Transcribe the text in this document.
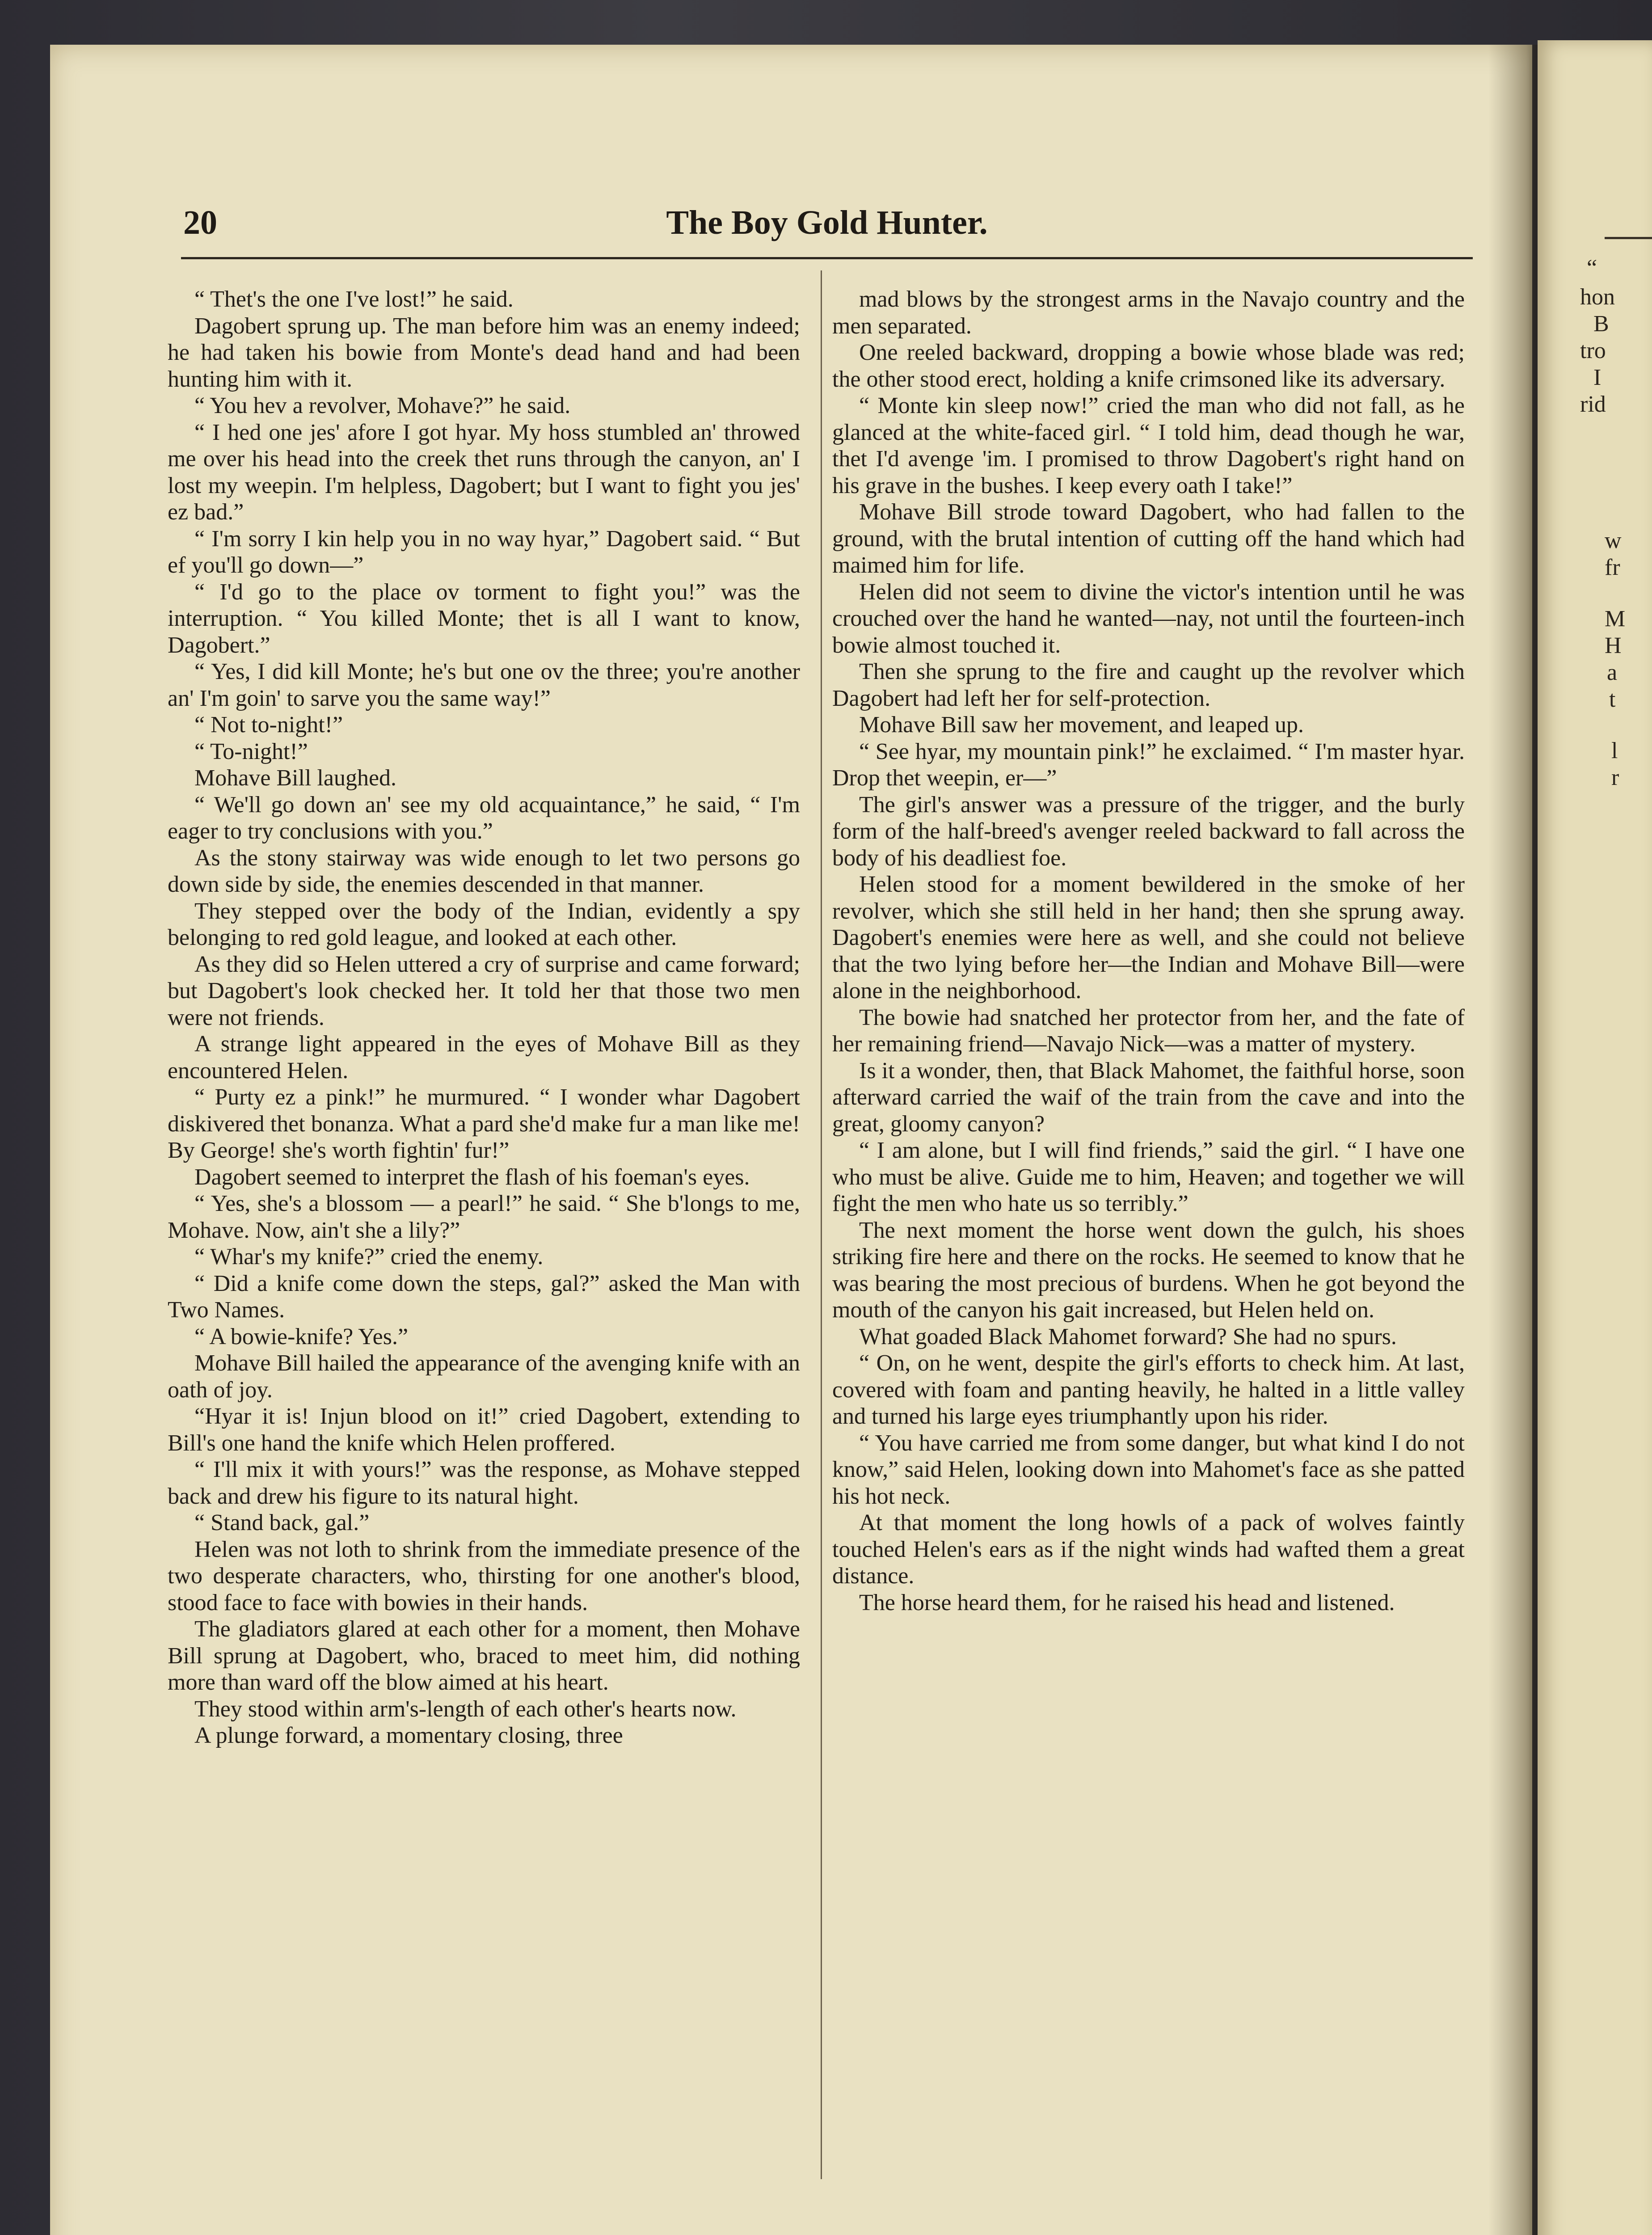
“
hon
B
tro
I
rid
w
fr
M
H
a
t
l
r
20	The Boy Gold Hunter.

“ Thet's the one I've lost!” he said.

Dagobert sprung up. The man before him was an enemy indeed; he had taken his bowie from Monte's dead hand and had been hunting him with it.

“ You hev a revolver, Mohave?” he said.

“ I hed one jes' afore I got hyar. My hoss stumbled an' throwed me over his head into the creek thet runs through the canyon, an' I lost my weepin. I'm helpless, Dagobert; but I want to fight you jes' ez bad.”

“ I'm sorry I kin help you in no way hyar,” Dagobert said. “ But ef you'll go down—”

“ I'd go to the place ov torment to fight you!” was the interruption. “ You killed Monte; thet is all I want to know, Dagobert.”

“ Yes, I did kill Monte; he's but one ov the three; you're another an' I'm goin' to sarve you the same way!”

“ Not to-night!”

“ To-night!”

Mohave Bill laughed.

“ We'll go down an' see my old acquaintance,” he said, “ I'm eager to try conclusions with you.”

As the stony stairway was wide enough to let two persons go down side by side, the enemies descended in that manner.

They stepped over the body of the Indian, evidently a spy belonging to red gold league, and looked at each other.

As they did so Helen uttered a cry of surprise and came forward; but Dagobert's look checked her. It told her that those two men were not friends.

A strange light appeared in the eyes of Mohave Bill as they encountered Helen.

“ Purty ez a pink!” he murmured. “ I wonder whar Dagobert diskivered thet bonanza. What a pard she'd make fur a man like me! By George! she's worth fightin' fur!”

Dagobert seemed to interpret the flash of his foeman's eyes.

“ Yes, she's a blossom — a pearl!” he said. “ She b'longs to me, Mohave. Now, ain't she a lily?”

“ Whar's my knife?” cried the enemy.

“ Did a knife come down the steps, gal?” asked the Man with Two Names.

“ A bowie-knife? Yes.”

Mohave Bill hailed the appearance of the avenging knife with an oath of joy.

“Hyar it is! Injun blood on it!” cried Dagobert, extending to Bill's one hand the knife which Helen proffered.

“ I'll mix it with yours!” was the response, as Mohave stepped back and drew his figure to its natural hight.

“ Stand back, gal.”

Helen was not loth to shrink from the immediate presence of the two desperate characters, who, thirsting for one another's blood, stood face to face with bowies in their hands.

The gladiators glared at each other for a moment, then Mohave Bill sprung at Dagobert, who, braced to meet him, did nothing more than ward off the blow aimed at his heart.

They stood within arm's-length of each other's hearts now.

A plunge forward, a momentary closing, three

mad blows by the strongest arms in the Navajo country and the men separated.

One reeled backward, dropping a bowie whose blade was red; the other stood erect, holding a knife crimsoned like its adversary.

“ Monte kin sleep now!” cried the man who did not fall, as he glanced at the white-faced girl. “ I told him, dead though he war, thet I'd avenge 'im. I promised to throw Dagobert's right hand on his grave in the bushes. I keep every oath I take!”

Mohave Bill strode toward Dagobert, who had fallen to the ground, with the brutal intention of cutting off the hand which had maimed him for life.

Helen did not seem to divine the victor's intention until he was crouched over the hand he wanted—nay, not until the fourteen-inch bowie almost touched it.

Then she sprung to the fire and caught up the revolver which Dagobert had left her for self-protection.

Mohave Bill saw her movement, and leaped up.

“ See hyar, my mountain pink!” he exclaimed. “ I'm master hyar. Drop thet weepin, er—”

The girl's answer was a pressure of the trigger, and the burly form of the half-breed's avenger reeled backward to fall across the body of his deadliest foe.

Helen stood for a moment bewildered in the smoke of her revolver, which she still held in her hand; then she sprung away. Dagobert's enemies were here as well, and she could not believe that the two lying before her—the Indian and Mohave Bill—were alone in the neighborhood.

The bowie had snatched her protector from her, and the fate of her remaining friend—Navajo Nick—was a matter of mystery.

Is it a wonder, then, that Black Mahomet, the faithful horse, soon afterward carried the waif of the train from the cave and into the great, gloomy canyon?

“ I am alone, but I will find friends,” said the girl. “ I have one who must be alive. Guide me to him, Heaven; and together we will fight the men who hate us so terribly.”

The next moment the horse went down the gulch, his shoes striking fire here and there on the rocks. He seemed to know that he was bearing the most precious of burdens. When he got beyond the mouth of the canyon his gait increased, but Helen held on.

What goaded Black Mahomet forward? She had no spurs.

“ On, on he went, despite the girl's efforts to check him. At last, covered with foam and panting heavily, he halted in a little valley and turned his large eyes triumphantly upon his rider.

“ You have carried me from some danger, but what kind I do not know,” said Helen, looking down into Mahomet's face as she patted his hot neck.

At that moment the long howls of a pack of wolves faintly touched Helen's ears as if the night winds had wafted them a great distance.

The horse heard them, for he raised his head and listened.
